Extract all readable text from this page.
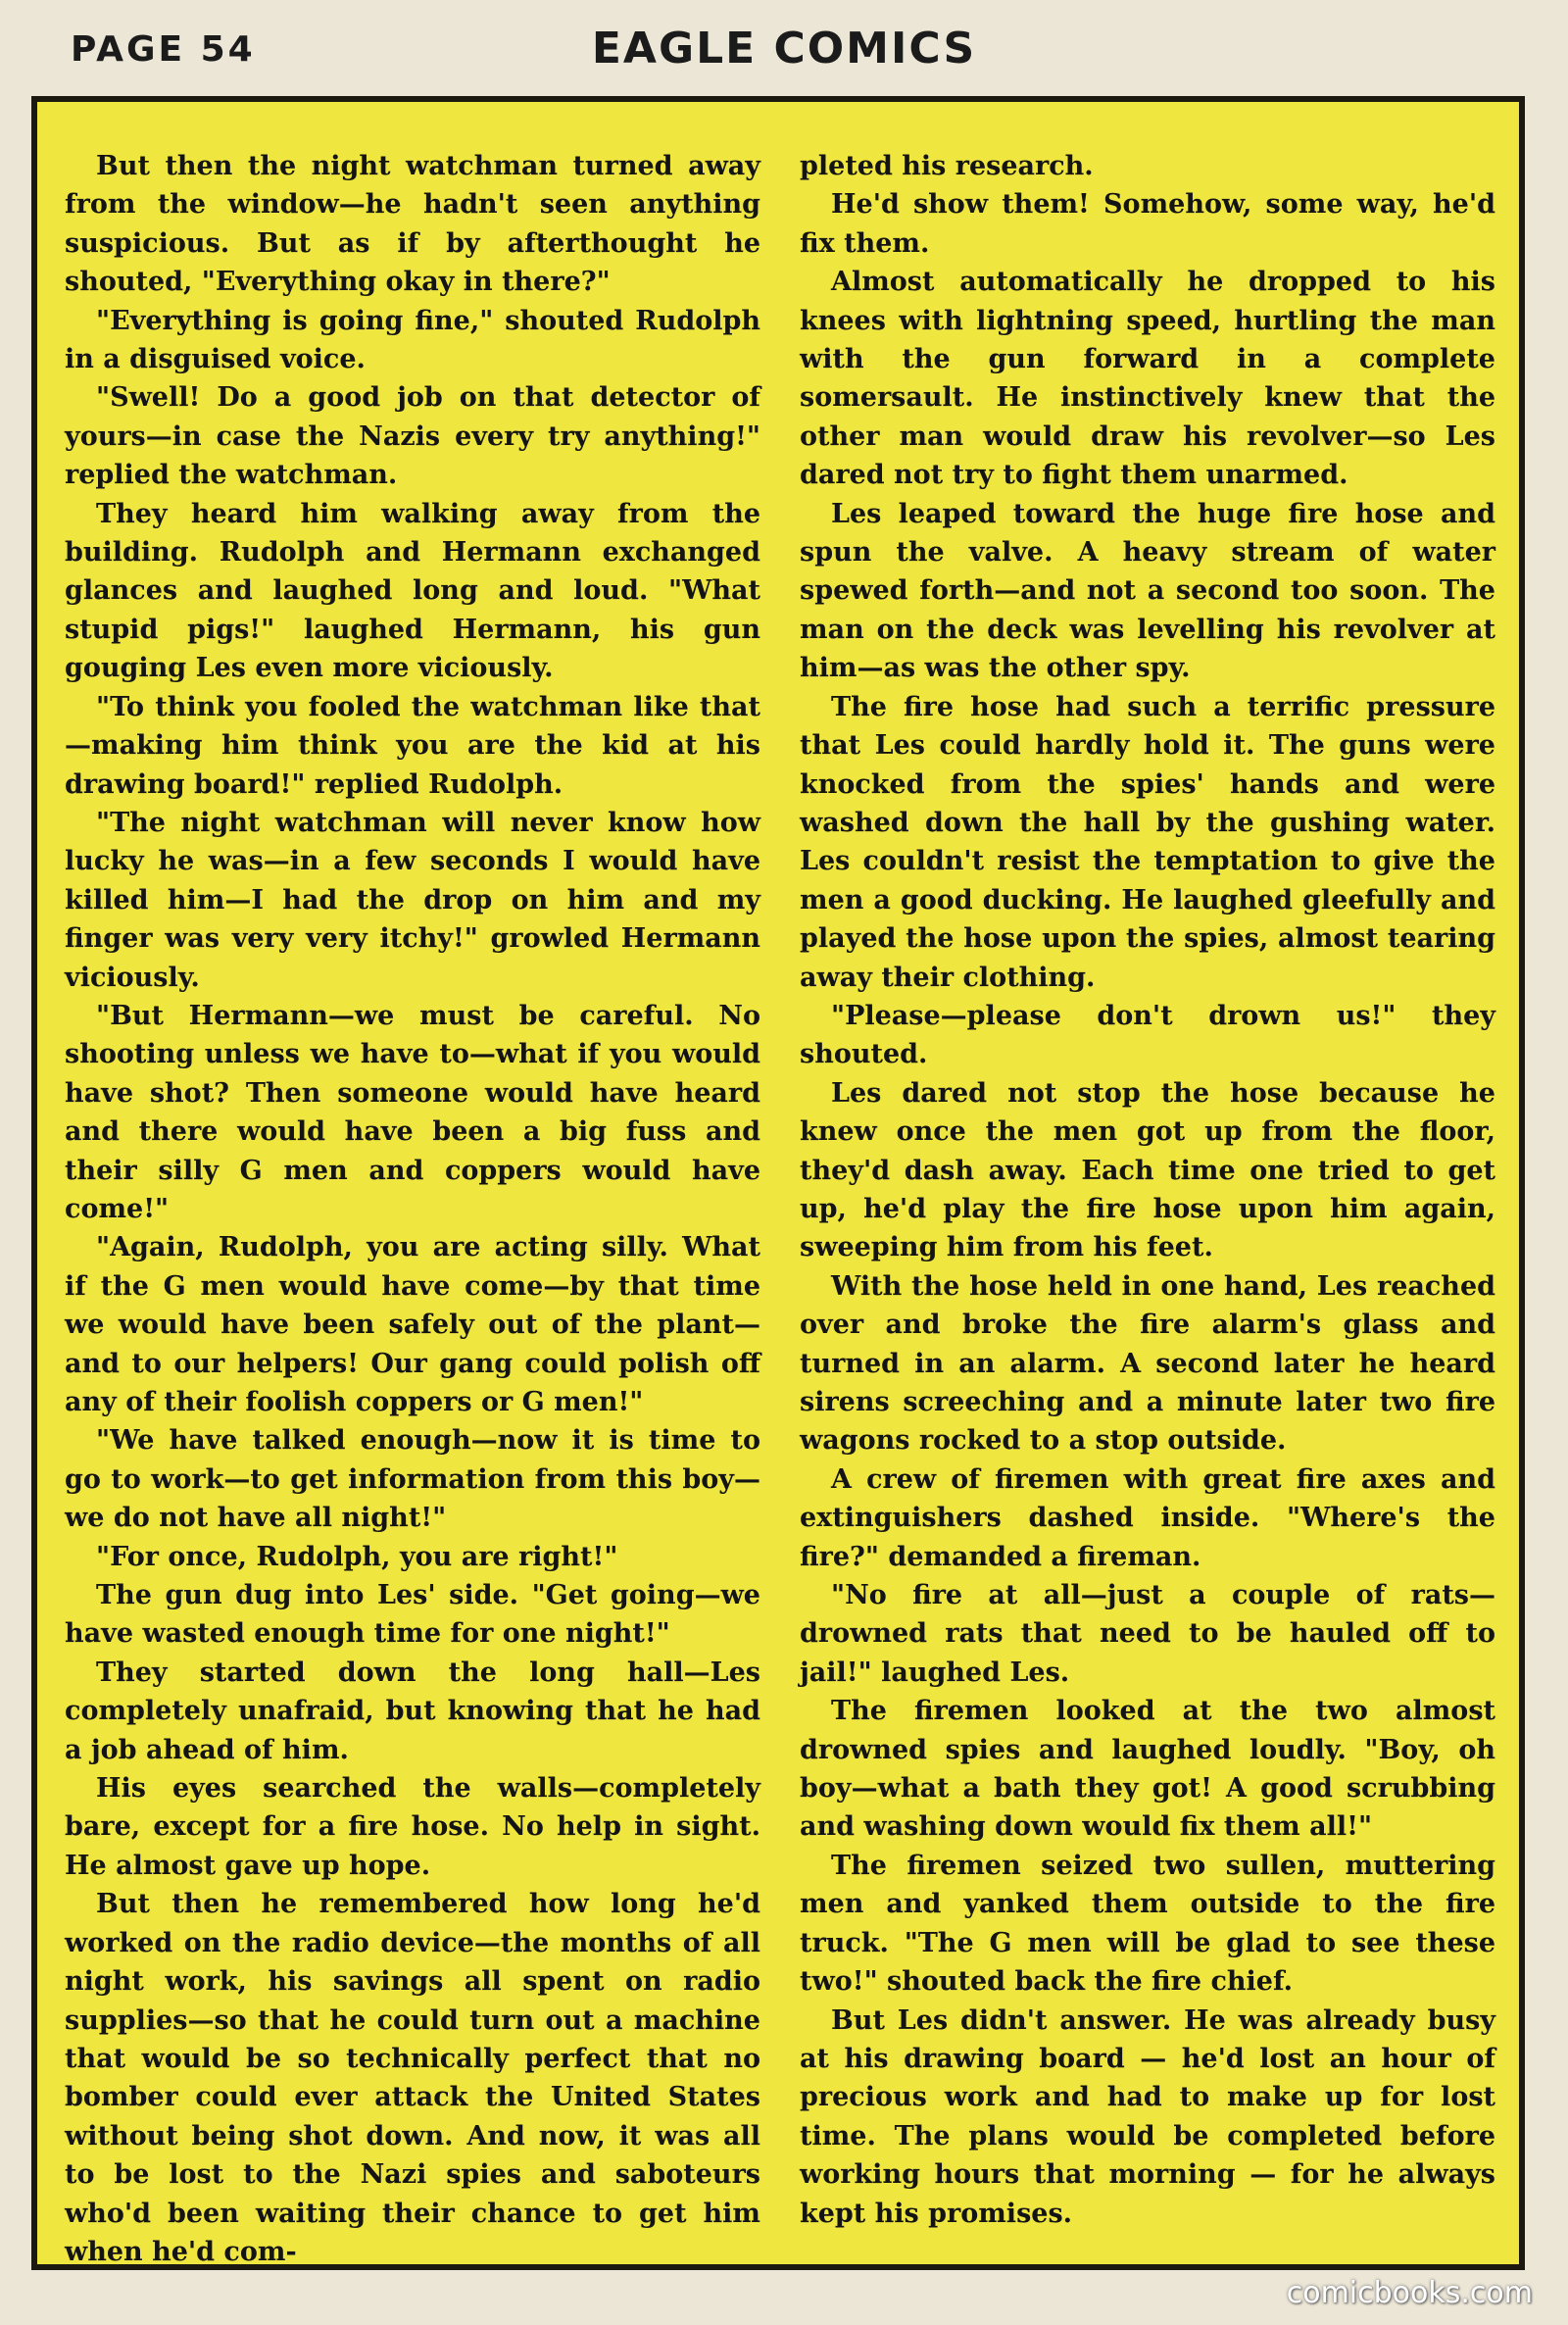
PAGE 54	EAGLE COMICS

But then the night watchman turned away from the window—he hadn't seen anything suspicious. But as if by afterthought he shouted, "Everything okay in there?"

"Everything is going fine," shouted Rudolph in a disguised voice.

"Swell! Do a good job on that detector of yours—in case the Nazis every try anything!" replied the watchman.

They heard him walking away from the building. Rudolph and Hermann exchanged glances and laughed long and loud. "What stupid pigs!" laughed Hermann, his gun gouging Les even more viciously.

"To think you fooled the watchman like that —making him think you are the kid at his drawing board!" replied Rudolph.

"The night watchman will never know how lucky he was—in a few seconds I would have killed him—I had the drop on him and my finger was very very itchy!" growled Hermann viciously.

"But Hermann—we must be careful. No shooting unless we have to—what if you would have shot? Then someone would have heard and there would have been a big fuss and their silly G men and coppers would have come!"

"Again, Rudolph, you are acting silly. What if the G men would have come—by that time we would have been safely out of the plant—and to our helpers! Our gang could polish off any of their foolish coppers or G men!"

"We have talked enough—now it is time to go to work—to get information from this boy—we do not have all night!"

"For once, Rudolph, you are right!"

The gun dug into Les' side. "Get going—we have wasted enough time for one night!"

They started down the long hall—Les completely unafraid, but knowing that he had a job ahead of him.

His eyes searched the walls—completely bare, except for a fire hose. No help in sight. He almost gave up hope.

But then he remembered how long he'd worked on the radio device—the months of all night work, his savings all spent on radio supplies—so that he could turn out a machine that would be so technically perfect that no bomber could ever attack the United States without being shot down. And now, it was all to be lost to the Nazi spies and saboteurs who'd been waiting their chance to get him when he'd com-

pleted his research.

He'd show them! Somehow, some way, he'd fix them.

Almost automatically he dropped to his knees with lightning speed, hurtling the man with the gun forward in a complete somersault. He instinctively knew that the other man would draw his revolver—so Les dared not try to fight them unarmed.

Les leaped toward the huge fire hose and spun the valve. A heavy stream of water spewed forth—and not a second too soon. The man on the deck was levelling his revolver at him—as was the other spy.

The fire hose had such a terrific pressure that Les could hardly hold it. The guns were knocked from the spies' hands and were washed down the hall by the gushing water. Les couldn't resist the temptation to give the men a good ducking. He laughed gleefully and played the hose upon the spies, almost tearing away their clothing.

"Please—please don't drown us!" they shouted.

Les dared not stop the hose because he knew once the men got up from the floor, they'd dash away. Each time one tried to get up, he'd play the fire hose upon him again, sweeping him from his feet.

With the hose held in one hand, Les reached over and broke the fire alarm's glass and turned in an alarm. A second later he heard sirens screeching and a minute later two fire wagons rocked to a stop outside.

A crew of firemen with great fire axes and extinguishers dashed inside. "Where's the fire?" demanded a fireman.

"No fire at all—just a couple of rats—drowned rats that need to be hauled off to jail!" laughed Les.

The firemen looked at the two almost drowned spies and laughed loudly. "Boy, oh boy—what a bath they got! A good scrubbing and washing down would fix them all!"

The firemen seized two sullen, muttering men and yanked them outside to the fire truck. "The G men will be glad to see these two!" shouted back the fire chief.

But Les didn't answer. He was already busy at his drawing board — he'd lost an hour of precious work and had to make up for lost time. The plans would be completed before working hours that morning — for he always kept his promises.

comicbooks.com
